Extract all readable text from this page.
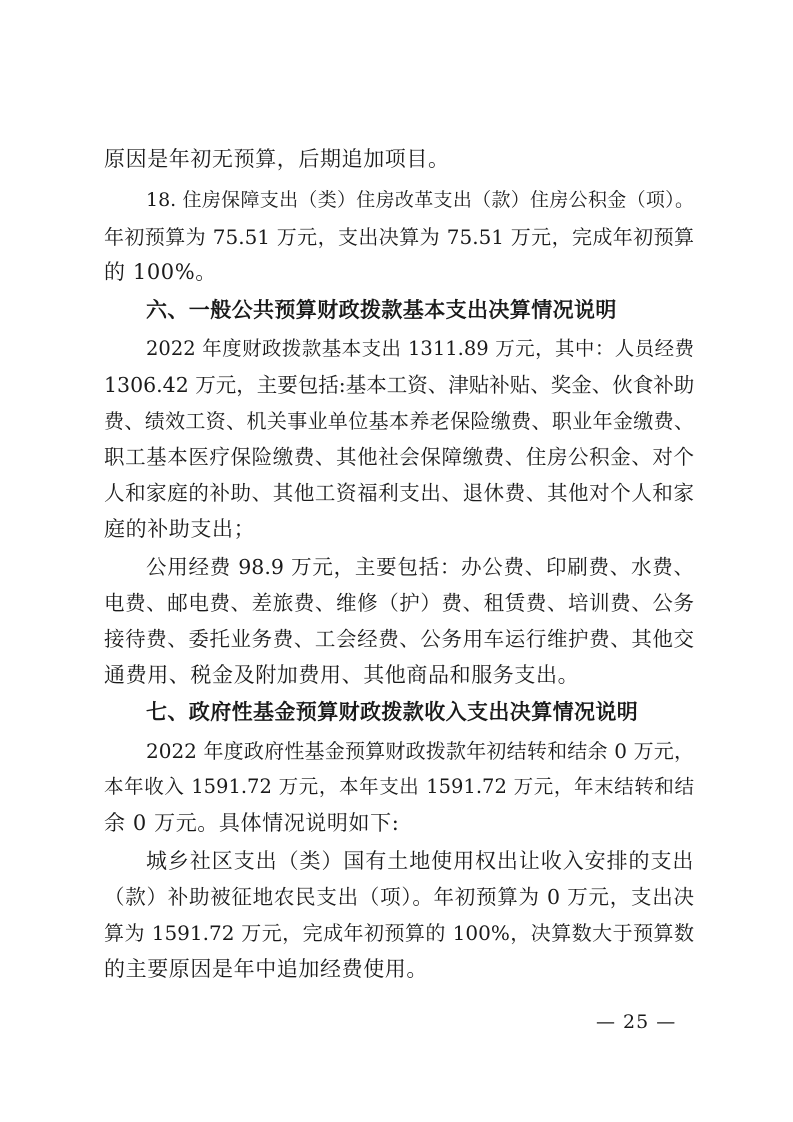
原因是年初无预算，后期追加项目。
18. 住房保障支出（类）住房改革支出（款）住房公积金（项）。
年初预算为 75.51 万元，支出决算为 75.51 万元，完成年初预算
的 100%。
六、一般公共预算财政拨款基本支出决算情况说明
2022 年度财政拨款基本支出 1311.89 万元，其中：人员经费
1306.42 万元，主要包括:基本工资、津贴补贴、奖金、伙食补助
费、绩效工资、机关事业单位基本养老保险缴费、职业年金缴费、
职工基本医疗保险缴费、其他社会保障缴费、住房公积金、对个
人和家庭的补助、其他工资福利支出、退休费、其他对个人和家
庭的补助支出；
公用经费 98.9 万元，主要包括：办公费、印刷费、水费、
电费、邮电费、差旅费、维修（护）费、租赁费、培训费、公务
接待费、委托业务费、工会经费、公务用车运行维护费、其他交
通费用、税金及附加费用、其他商品和服务支出。
七、政府性基金预算财政拨款收入支出决算情况说明
2022 年度政府性基金预算财政拨款年初结转和结余 0 万元，
本年收入 1591.72 万元，本年支出 1591.72 万元，年末结转和结
余 0 万元。具体情况说明如下:
城乡社区支出（类）国有土地使用权出让收入安排的支出
（款）补助被征地农民支出（项）。年初预算为 0 万元，支出决
算为 1591.72 万元，完成年初预算的 100%，决算数大于预算数
的主要原因是年中追加经费使用。
— 25 —
